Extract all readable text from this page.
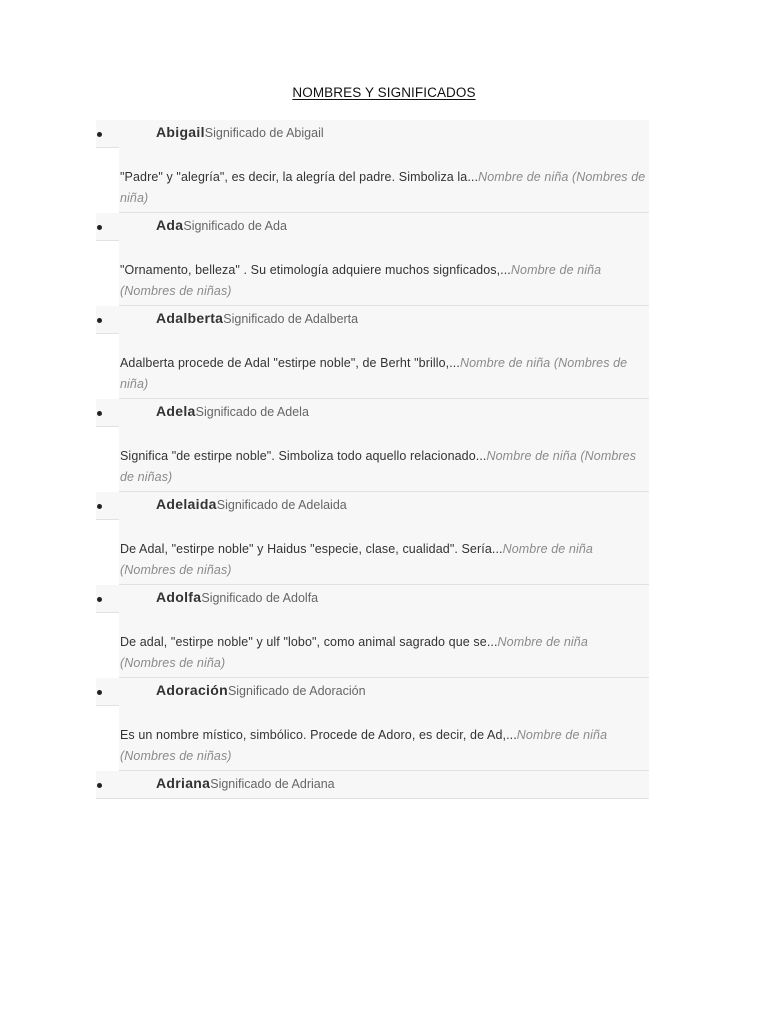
NOMBRES Y SIGNIFICADOS
AbigailSignificado de Abigail
"Padre" y "alegría", es decir, la alegría del padre. Simboliza la...Nombre de niña (Nombres de niña)
AdaSignificado de Ada
"Ornamento, belleza" . Su etimología adquiere muchos signficados,...Nombre de niña (Nombres de niñas)
AdalbertaSignificado de Adalberta
Adalberta procede de Adal "estirpe noble", de Berht "brillo,...Nombre de niña (Nombres de niña)
AdelaSignificado de Adela
Significa "de estirpe noble". Simboliza todo aquello relacionado...Nombre de niña (Nombres de niñas)
AdelaidaSignificado de Adelaida
De Adal, "estirpe noble" y Haidus "especie, clase, cualidad". Sería...Nombre de niña (Nombres de niñas)
AdolfaSignificado de Adolfa
De adal, "estirpe noble" y ulf "lobo", como animal sagrado que se...Nombre de niña (Nombres de niña)
AdoraciónSignificado de Adoración
Es un nombre místico, simbólico. Procede de Adoro, es decir, de Ad,...Nombre de niña (Nombres de niñas)
AdrianaSignificado de Adriana
